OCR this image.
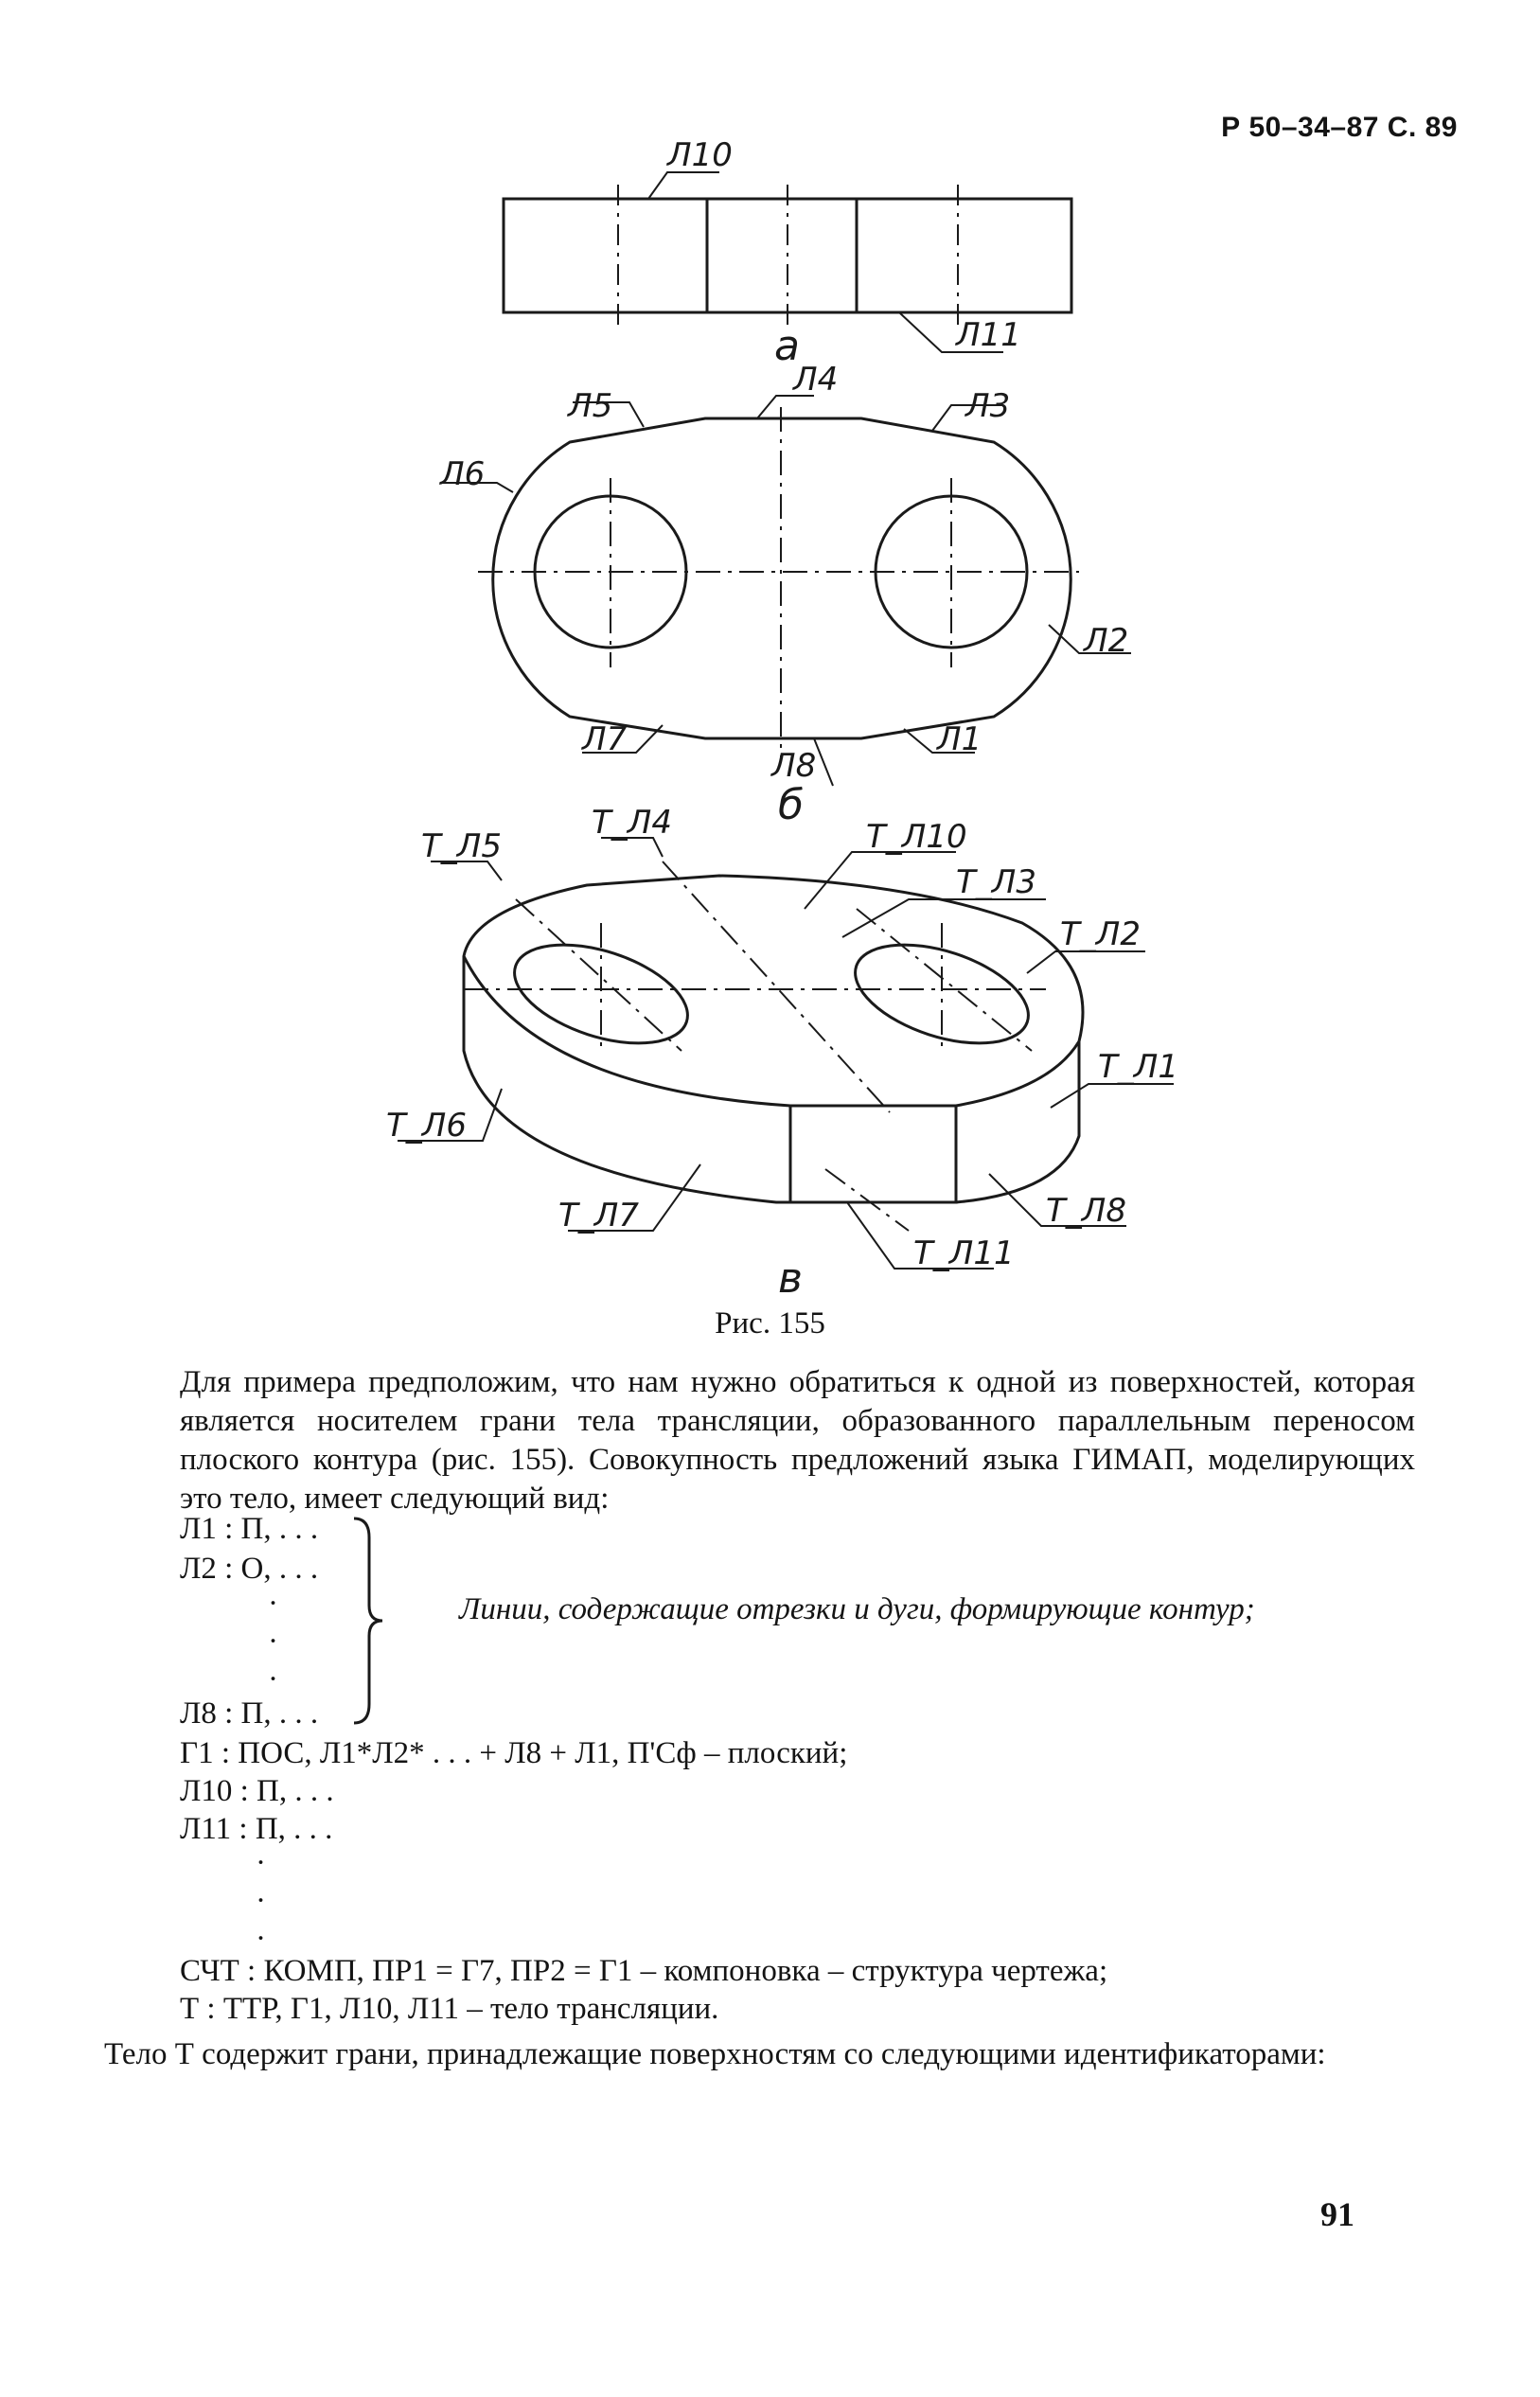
Р 50–34–87 С. 89
Л10
Л11
а
Л5
Л4
Л3
Л6
Л2
Л7	Л1
Л8
б
Т_Л5
Т_Л4	Т_Л10
Т_Л3
Т_Л2
Т_Л1
Т_Л6
Т_Л7	Т_Л8
Т_Л11
в
Рис. 155
Для примера предположим, что нам нужно обратиться к одной из поверхностей, которая является носителем грани тела трансляции, образованного параллельным переносом плоского контура (рис. 155). Совокупность предложений языка ГИМАП, моделирующих это тело, имеет следующий вид:
Л1 : П, . . .
Л2 : О, . . .
·
·
·
Л8 : П, . . .
Линии, содержащие отрезки и дуги, формирующие контур;
Г1 : ПОС, Л1*Л2* . . . + Л8 + Л1, П'Сф – плоский;
Л10 : П, . . .
Л11 : П, . . .
·
·
·
СЧТ : КОМП, ПР1 = Г7, ПР2 = Г1 – компоновка – структура чертежа;
Т : ТТР, Г1, Л10, Л11 – тело трансляции.
Тело Т содержит грани, принадлежащие поверхностям со следующими идентификаторами:
91
